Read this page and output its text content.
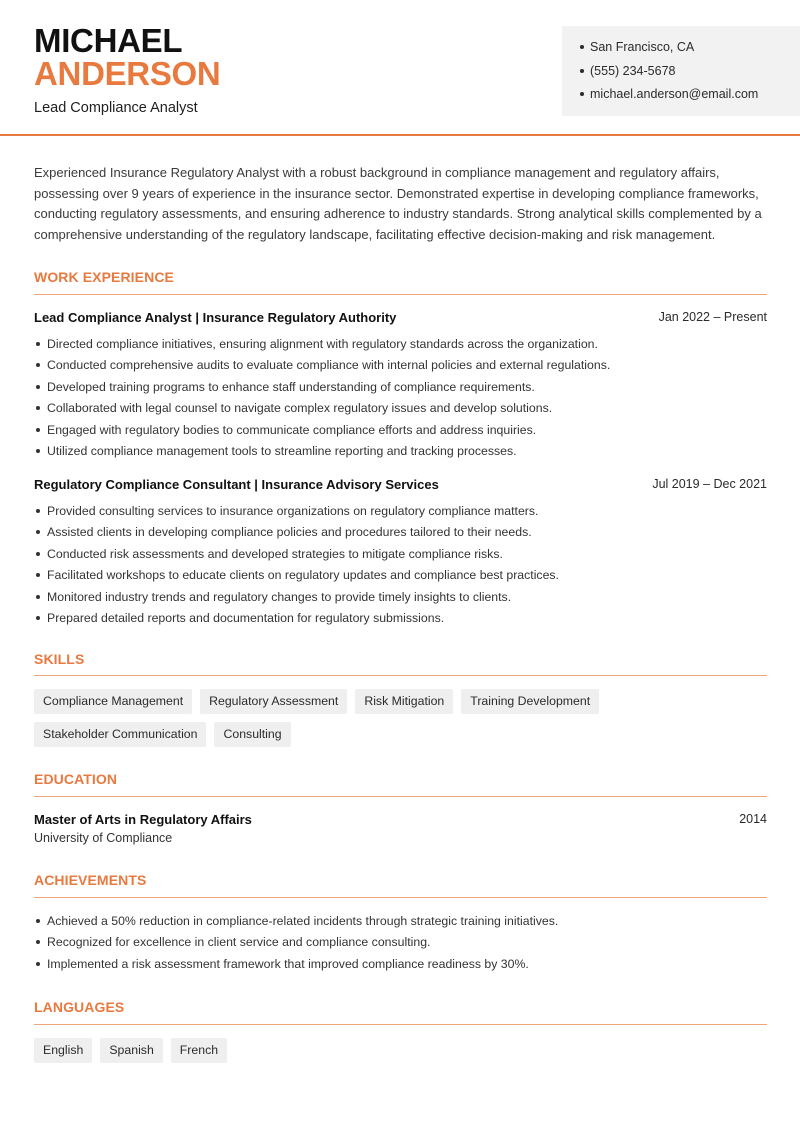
MICHAEL
ANDERSON
Lead Compliance Analyst
San Francisco, CA
(555) 234-5678
michael.anderson@email.com

Experienced Insurance Regulatory Analyst with a robust background in compliance management and regulatory affairs, possessing over 9 years of experience in the insurance sector. Demonstrated expertise in developing compliance frameworks, conducting regulatory assessments, and ensuring adherence to industry standards. Strong analytical skills complemented by a comprehensive understanding of the regulatory landscape, facilitating effective decision-making and risk management.

WORK EXPERIENCE
Lead Compliance Analyst | Insurance Regulatory Authority	Jan 2022 – Present
Directed compliance initiatives, ensuring alignment with regulatory standards across the organization.
Conducted comprehensive audits to evaluate compliance with internal policies and external regulations.
Developed training programs to enhance staff understanding of compliance requirements.
Collaborated with legal counsel to navigate complex regulatory issues and develop solutions.
Engaged with regulatory bodies to communicate compliance efforts and address inquiries.
Utilized compliance management tools to streamline reporting and tracking processes.
Regulatory Compliance Consultant | Insurance Advisory Services	Jul 2019 – Dec 2021
Provided consulting services to insurance organizations on regulatory compliance matters.
Assisted clients in developing compliance policies and procedures tailored to their needs.
Conducted risk assessments and developed strategies to mitigate compliance risks.
Facilitated workshops to educate clients on regulatory updates and compliance best practices.
Monitored industry trends and regulatory changes to provide timely insights to clients.
Prepared detailed reports and documentation for regulatory submissions.
SKILLS
Compliance Management	Regulatory Assessment	Risk Mitigation	Training Development
Stakeholder Communication	Consulting
EDUCATION
Master of Arts in Regulatory Affairs	2014
University of Compliance
ACHIEVEMENTS
Achieved a 50% reduction in compliance-related incidents through strategic training initiatives.
Recognized for excellence in client service and compliance consulting.
Implemented a risk assessment framework that improved compliance readiness by 30%.
LANGUAGES
English	Spanish	French
